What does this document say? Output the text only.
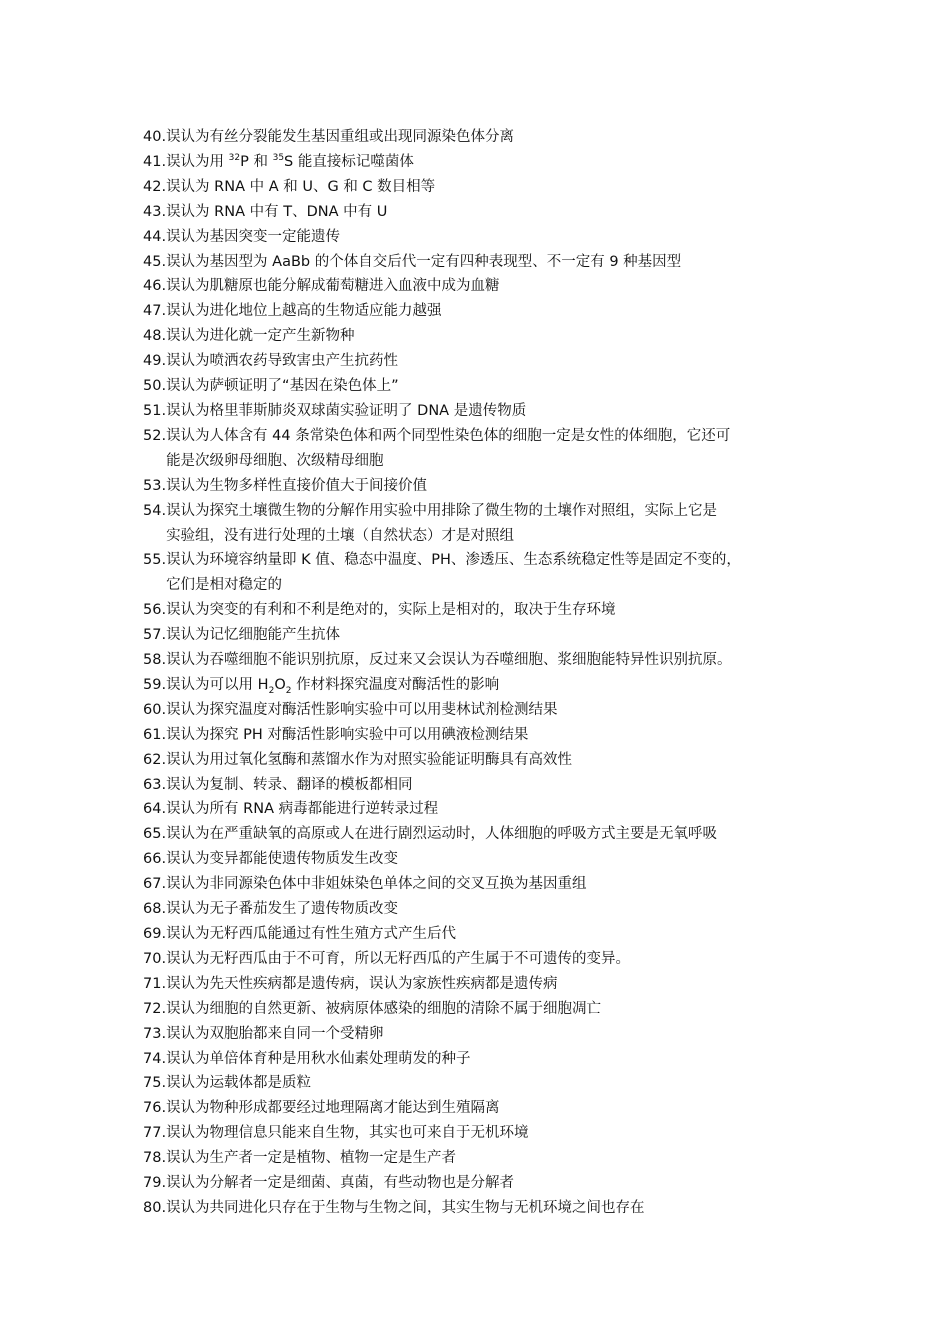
40. 误认为有丝分裂能发生基因重组或出现同源染色体分离
41. 误认为用 $^{32}$P 和 $^{35}$S 能直接标记噬菌体
42. 误认为 RNA 中 A 和 U、G 和 C 数目相等
43. 误认为 RNA 中有 T、DNA 中有 U
44. 误认为基因突变一定能遗传
45. 误认为基因型为 AaBb 的个体自交后代一定有四种表现型、不一定有 9 种基因型
46. 误认为肌糖原也能分解成葡萄糖进入血液中成为血糖
47. 误认为进化地位上越高的生物适应能力越强
48. 误认为进化就一定产生新物种
49. 误认为喷洒农药导致害虫产生抗药性
50. 误认为萨顿证明了“基因在染色体上”
51. 误认为格里菲斯肺炎双球菌实验证明了 DNA 是遗传物质
52. 误认为人体含有 44 条常染色体和两个同型性染色体的细胞一定是女性的体细胞，它还可
能是次级卵母细胞、次级精母细胞
53. 误认为生物多样性直接价值大于间接价值
54. 误认为探究土壤微生物的分解作用实验中用排除了微生物的土壤作对照组，实际上它是
实验组，没有进行处理的土壤（自然状态）才是对照组
55. 误认为环境容纳量即 K 值、稳态中温度、PH、渗透压、生态系统稳定性等是固定不变的，
它们是相对稳定的
56. 误认为突变的有利和不利是绝对的，实际上是相对的，取决于生存环境
57. 误认为记忆细胞能产生抗体
58. 误认为吞噬细胞不能识别抗原，反过来又会误认为吞噬细胞、浆细胞能特异性识别抗原。
59. 误认为可以用 $H_2O_2$ 作材料探究温度对酶活性的影响
60. 误认为探究温度对酶活性影响实验中可以用斐林试剂检测结果
61. 误认为探究 PH 对酶活性影响实验中可以用碘液检测结果
62. 误认为用过氧化氢酶和蒸馏水作为对照实验能证明酶具有高效性
63. 误认为复制、转录、翻译的模板都相同
64. 误认为所有 RNA 病毒都能进行逆转录过程
65. 误认为在严重缺氧的高原或人在进行剧烈运动时，人体细胞的呼吸方式主要是无氧呼吸
66. 误认为变异都能使遗传物质发生改变
67. 误认为非同源染色体中非姐妹染色单体之间的交叉互换为基因重组
68. 误认为无子番茄发生了遗传物质改变
69. 误认为无籽西瓜能通过有性生殖方式产生后代
70. 误认为无籽西瓜由于不可育，所以无籽西瓜的产生属于不可遗传的变异。
71. 误认为先天性疾病都是遗传病，误认为家族性疾病都是遗传病
72. 误认为细胞的自然更新、被病原体感染的细胞的清除不属于细胞凋亡
73. 误认为双胞胎都来自同一个受精卵
74. 误认为单倍体育种是用秋水仙素处理萌发的种子
75. 误认为运载体都是质粒
76. 误认为物种形成都要经过地理隔离才能达到生殖隔离
77. 误认为物理信息只能来自生物，其实也可来自于无机环境
78. 误认为生产者一定是植物、植物一定是生产者
79. 误认为分解者一定是细菌、真菌，有些动物也是分解者
80. 误认为共同进化只存在于生物与生物之间，其实生物与无机环境之间也存在
